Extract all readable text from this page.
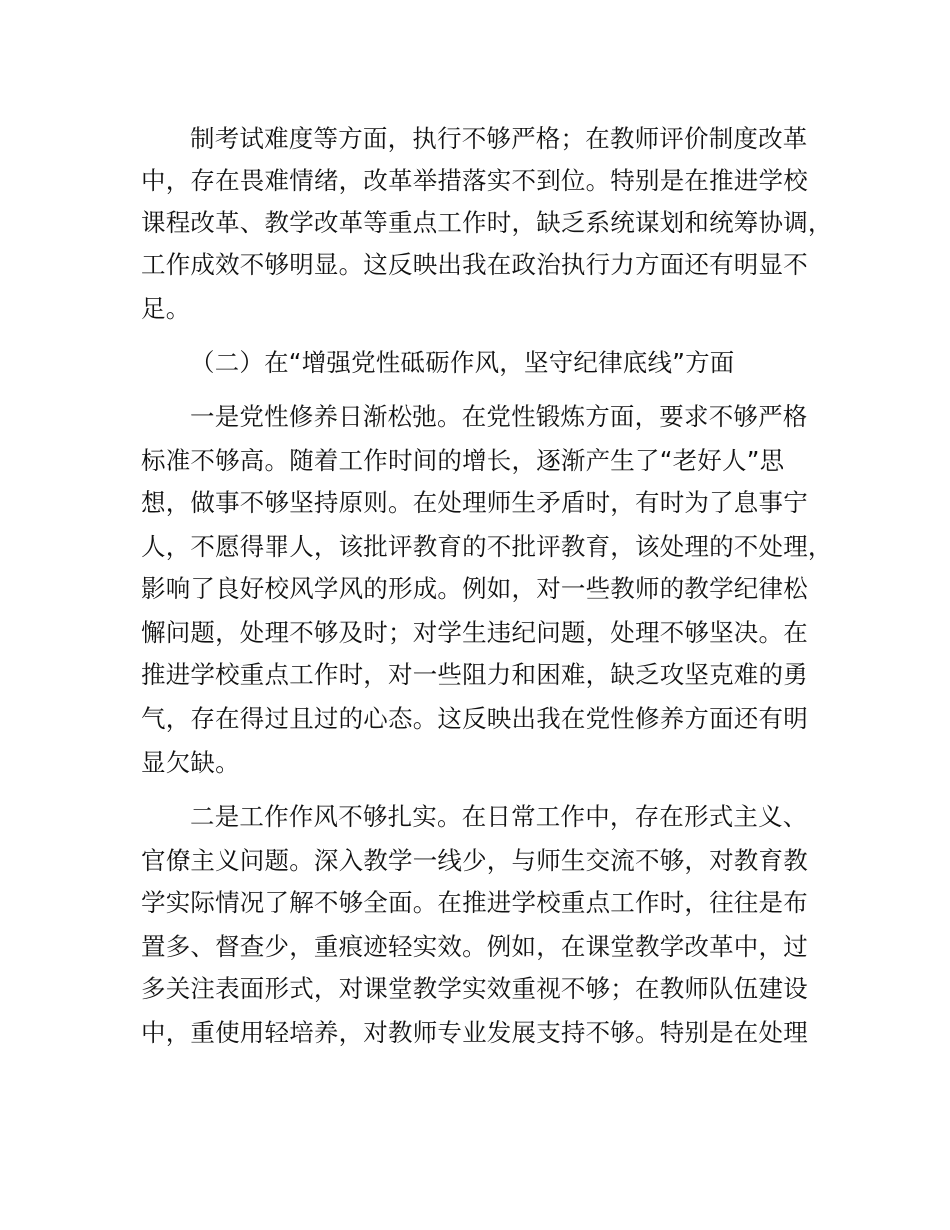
制考试难度等方面，执行不够严格；在教师评价制度改革

中，存在畏难情绪，改革举措落实不到位。特别是在推进学校

课程改革、教学改革等重点工作时，缺乏系统谋划和统筹协调，

工作成效不够明显。这反映出我在政治执行力方面还有明显不

足。

（二）在“增强党性砥砺作风，坚守纪律底线”方面

一是党性修养日渐松弛。在党性锻炼方面，要求不够严格

标准不够高。随着工作时间的增长，逐渐产生了“老好人”思

想，做事不够坚持原则。在处理师生矛盾时，有时为了息事宁

人，不愿得罪人，该批评教育的不批评教育，该处理的不处理，

影响了良好校风学风的形成。例如，对一些教师的教学纪律松

懈问题，处理不够及时；对学生违纪问题，处理不够坚决。在

推进学校重点工作时，对一些阻力和困难，缺乏攻坚克难的勇

气，存在得过且过的心态。这反映出我在党性修养方面还有明

显欠缺。

二是工作作风不够扎实。在日常工作中，存在形式主义、

官僚主义问题。深入教学一线少，与师生交流不够，对教育教

学实际情况了解不够全面。在推进学校重点工作时，往往是布

置多、督查少，重痕迹轻实效。例如，在课堂教学改革中，过

多关注表面形式，对课堂教学实效重视不够；在教师队伍建设

中，重使用轻培养，对教师专业发展支持不够。特别是在处理
